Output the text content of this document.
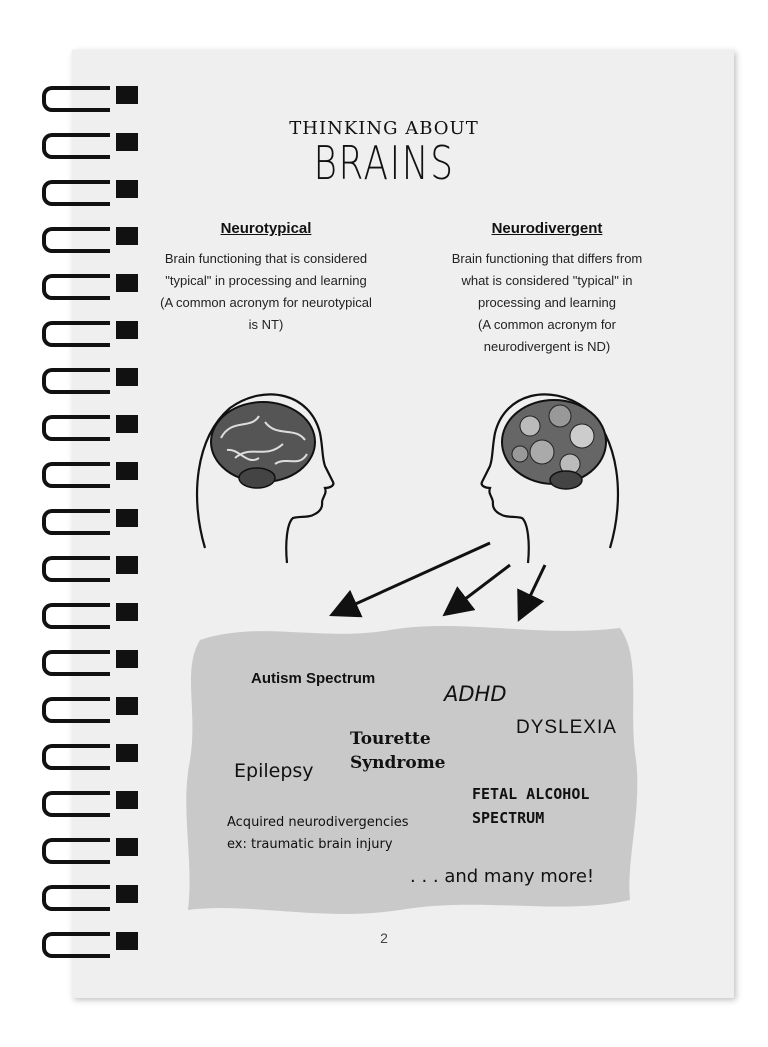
THINKING ABOUT
BRAINS
Neurotypical

Brain functioning that is considered

"typical" in processing and learning

(A common acronym for neurotypical

is NT)

Neurodivergent

Brain functioning that differs from

what is considered "typical" in

processing and learning

(A common acronym for

neurodivergent is ND)

Autism Spectrum
ADHD
Tourette
Syndrome
DYSLEXIA
Epilepsy
FETAL ALCOHOL
SPECTRUM
Acquired neurodivergencies
ex: traumatic brain injury
. . . and many more!
2
